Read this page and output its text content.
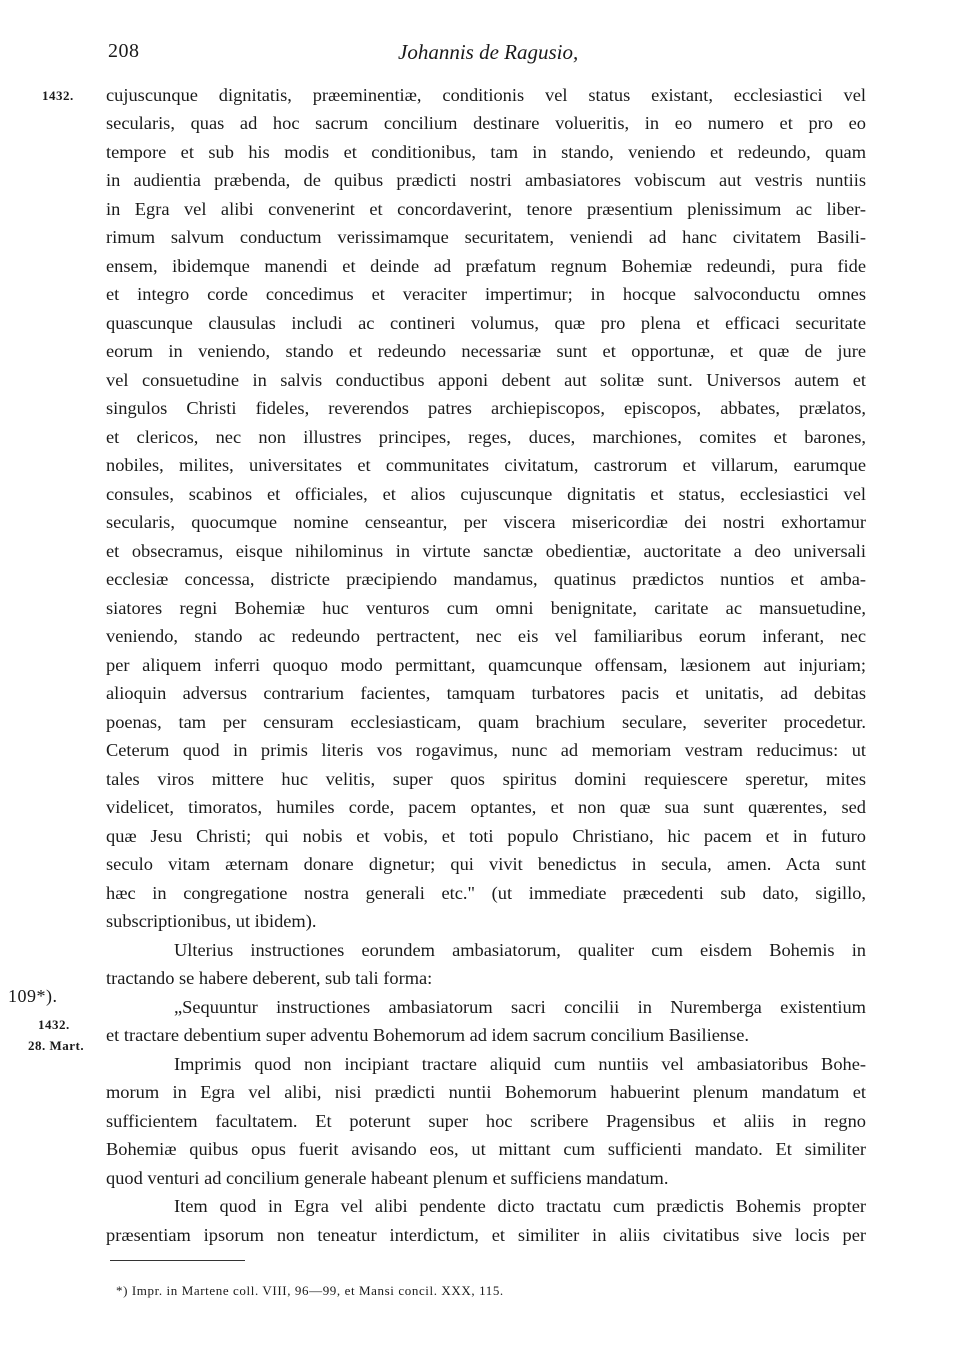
208	Johannis de Ragusio,
1432.
109*).
1432.
28. Mart.
cujuscunque dignitatis, præeminentiæ, conditionis vel status existant, ecclesiastici vel
secularis, quas ad hoc sacrum concilium destinare volueritis, in eo numero et pro eo
tempore et sub his modis et conditionibus, tam in stando, veniendo et redeundo, quam
in audientia præbenda, de quibus prædicti nostri ambasiatores vobiscum aut vestris nuntiis
in Egra vel alibi convenerint et concordaverint, tenore præsentium plenissimum ac liber-
rimum salvum conductum verissimamque securitatem, veniendi ad hanc civitatem Basili-
ensem, ibidemque manendi et deinde ad præfatum regnum Bohemiæ redeundi, pura fide
et integro corde concedimus et veraciter impertimur; in hocque salvoconductu omnes
quascunque clausulas includi ac contineri volumus, quæ pro plena et efficaci securitate
eorum in veniendo, stando et redeundo necessariæ sunt et opportunæ, et quæ de jure
vel consuetudine in salvis conductibus apponi debent aut solitæ sunt. Universos autem et
singulos Christi fideles, reverendos patres archiepiscopos, episcopos, abbates, prælatos,
et clericos, nec non illustres principes, reges, duces, marchiones, comites et barones,
nobiles, milites, universitates et communitates civitatum, castrorum et villarum, earumque
consules, scabinos et officiales, et alios cujuscunque dignitatis et status, ecclesiastici vel
secularis, quocumque nomine censeantur, per viscera misericordiæ dei nostri exhortamur
et obsecramus, eisque nihilominus in virtute sanctæ obedientiæ, auctoritate a deo universali
ecclesiæ concessa, districte præcipiendo mandamus, quatinus prædictos nuntios et amba-
siatores regni Bohemiæ huc venturos cum omni benignitate, caritate ac mansuetudine,
veniendo, stando ac redeundo pertractent, nec eis vel familiaribus eorum inferant, nec
per aliquem inferri quoquo modo permittant, quamcunque offensam, læsionem aut injuriam;
alioquin adversus contrarium facientes, tamquam turbatores pacis et unitatis, ad debitas
poenas, tam per censuram ecclesiasticam, quam brachium seculare, severiter procedetur.
Ceterum quod in primis literis vos rogavimus, nunc ad memoriam vestram reducimus: ut
tales viros mittere huc velitis, super quos spiritus domini requiescere speretur, mites
videlicet, timoratos, humiles corde, pacem optantes, et non quæ sua sunt quærentes, sed
quæ Jesu Christi; qui nobis et vobis, et toti populo Christiano, hic pacem et in futuro
seculo vitam æternam donare dignetur; qui vivit benedictus in secula, amen. Acta sunt
hæc in congregatione nostra generali etc." (ut immediate præcedenti sub dato, sigillo,
subscriptionibus, ut ibidem).
Ulterius instructiones eorundem ambasiatorum, qualiter cum eisdem Bohemis in
tractando se habere deberent, sub tali forma:
„Sequuntur instructiones ambasiatorum sacri concilii in Nuremberga existentium
et tractare debentium super adventu Bohemorum ad idem sacrum concilium Basiliense.
Imprimis quod non incipiant tractare aliquid cum nuntiis vel ambasiatoribus Bohe-
morum in Egra vel alibi, nisi prædicti nuntii Bohemorum habuerint plenum mandatum et
sufficientem facultatem. Et poterunt super hoc scribere Pragensibus et aliis in regno
Bohemiæ quibus opus fuerit avisando eos, ut mittant cum sufficienti mandato. Et similiter
quod venturi ad concilium generale habeant plenum et sufficiens mandatum.
Item quod in Egra vel alibi pendente dicto tractatu cum prædictis Bohemis propter
præsentiam ipsorum non teneatur interdictum, et similiter in aliis civitatibus sive locis per
*) Impr. in Martene coll. VIII, 96—99, et Mansi concil. XXX, 115.
